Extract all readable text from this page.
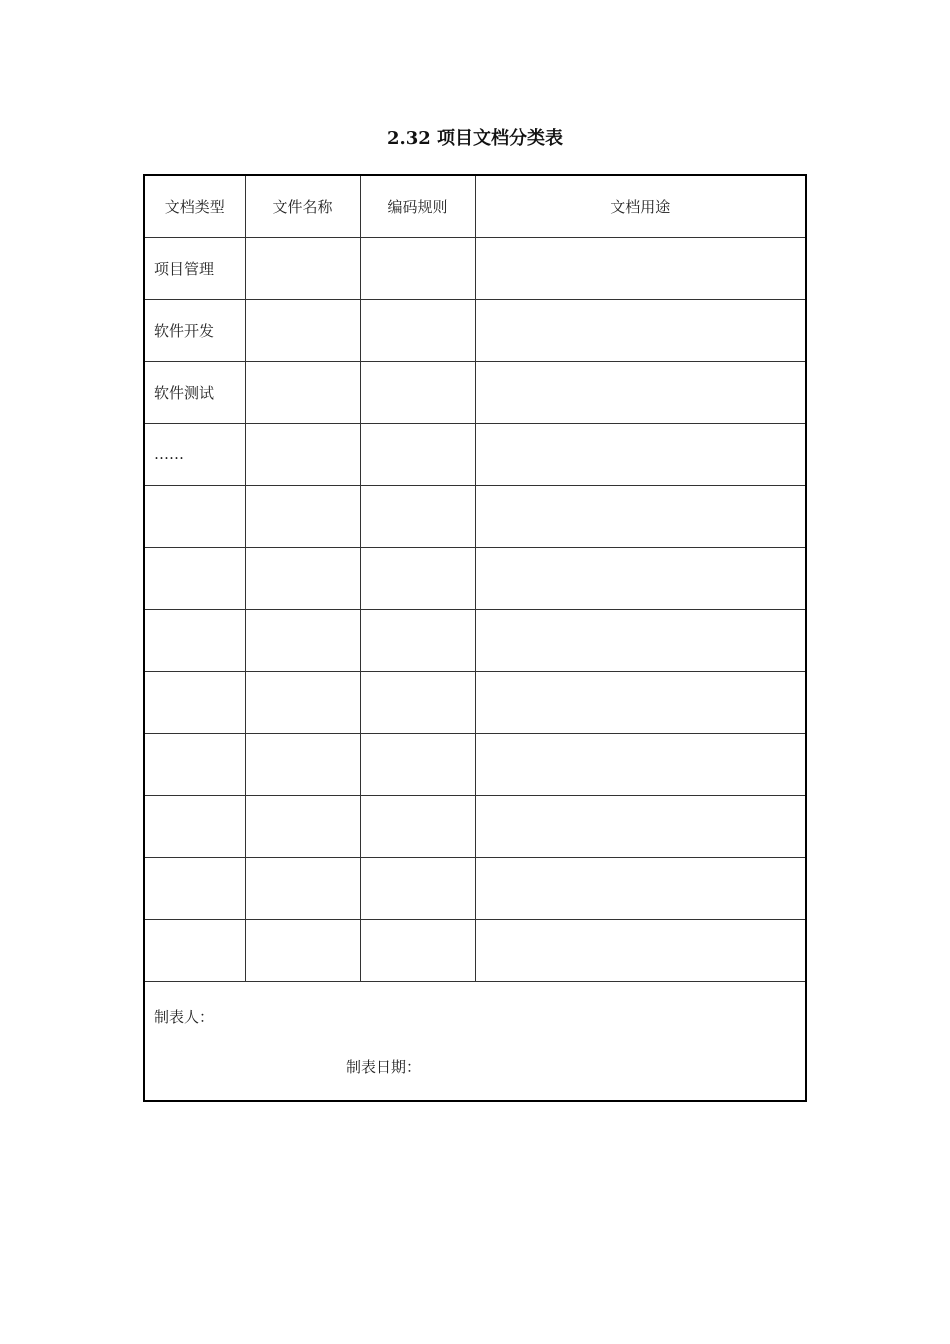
2.32 项目文档分类表
文档类型	文件名称	编码规则	文档用途
项目管理			
软件开发			
软件测试			
……			

制表人：
制表日期：			
